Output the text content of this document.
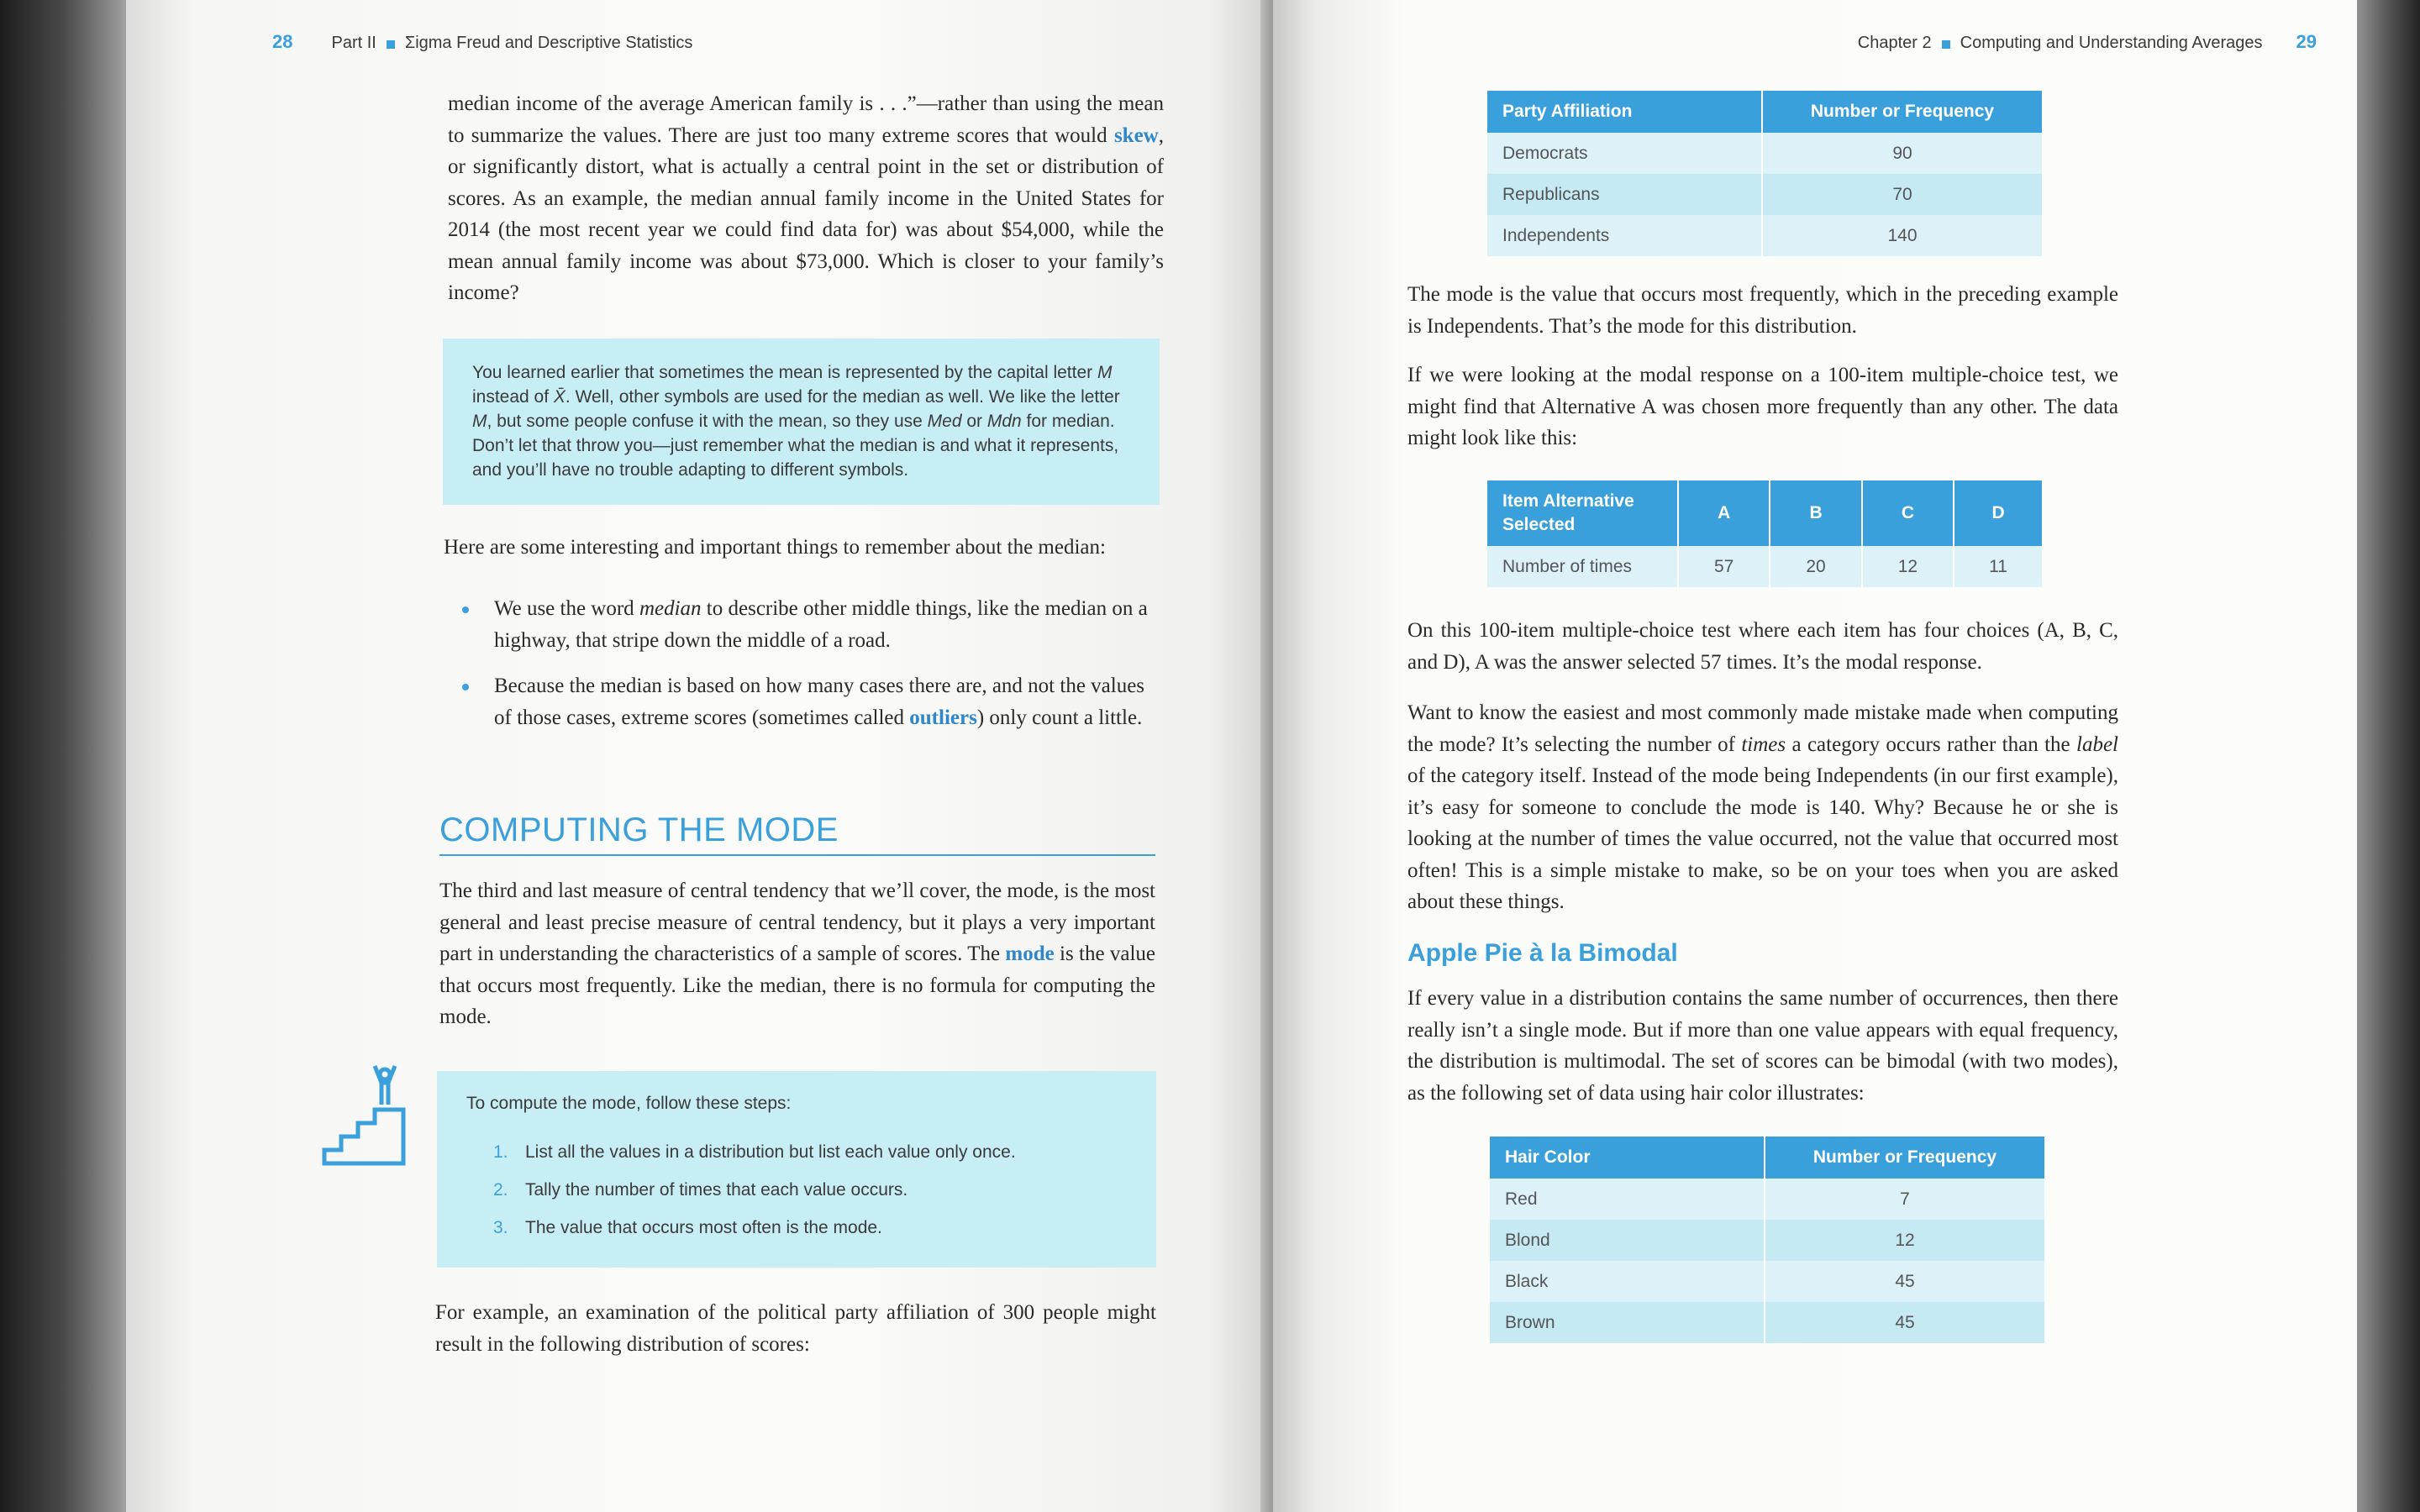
28 Part II Σigma Freud and Descriptive Statistics

median income of the average American family is . . .”—rather than using the mean to summarize the values. There are just too many extreme scores that would skew, or significantly distort, what is actually a central point in the set or distribution of scores. As an example, the median annual family income in the United States for 2014 (the most recent year we could find data for) was about $54,000, while the mean annual family income was about $73,000. Which is closer to your family’s income?

You learned earlier that sometimes the mean is represented by the capital letter M instead of X̄. Well, other symbols are used for the median as well. We like the letter M, but some people confuse it with the mean, so they use Med or Mdn for median. Don’t let that throw you—just remember what the median is and what it represents, and you’ll have no trouble adapting to different symbols.

Here are some interesting and important things to remember about the median:

We use the word median to describe other middle things, like the median on a highway, that stripe down the middle of a road.
Because the median is based on how many cases there are, and not the values of those cases, extreme scores (sometimes called outliers) only count a little.
COMPUTING THE MODE

The third and last measure of central tendency that we’ll cover, the mode, is the most general and least precise measure of central tendency, but it plays a very important part in understanding the characteristics of a sample of scores. The mode is the value that occurs most frequently. Like the median, there is no formula for computing the mode.

To compute the mode, follow these steps:

1. List all the values in a distribution but list each value only once.
2. Tally the number of times that each value occurs.
3. The value that occurs most often is the mode.

For example, an examination of the political party affiliation of 300 people might result in the following distribution of scores:

Chapter 2 Computing and Understanding Averages 29
Party Affiliation	Number or Frequency
Democrats	90
Republicans	70
Independents	140

The mode is the value that occurs most frequently, which in the preceding example is Independents. That’s the mode for this distribution.

If we were looking at the modal response on a 100-item multiple-choice test, we might find that Alternative A was chosen more frequently than any other. The data might look like this:

Item Alternative Selected	A	B	C	D
Number of times	57	20	12	11

On this 100-item multiple-choice test where each item has four choices (A, B, C, and D), A was the answer selected 57 times. It’s the modal response.

Want to know the easiest and most commonly made mistake made when computing the mode? It’s selecting the number of times a category occurs rather than the label of the category itself. Instead of the mode being Independents (in our first example), it’s easy for someone to conclude the mode is 140. Why? Because he or she is looking at the number of times the value occurred, not the value that occurred most often! This is a simple mistake to make, so be on your toes when you are asked about these things.

Apple Pie à la Bimodal

If every value in a distribution contains the same number of occurrences, then there really isn’t a single mode. But if more than one value appears with equal frequency, the distribution is multimodal. The set of scores can be bimodal (with two modes), as the following set of data using hair color illustrates:

Hair Color	Number or Frequency
Red	7
Blond	12
Black	45
Brown	45
